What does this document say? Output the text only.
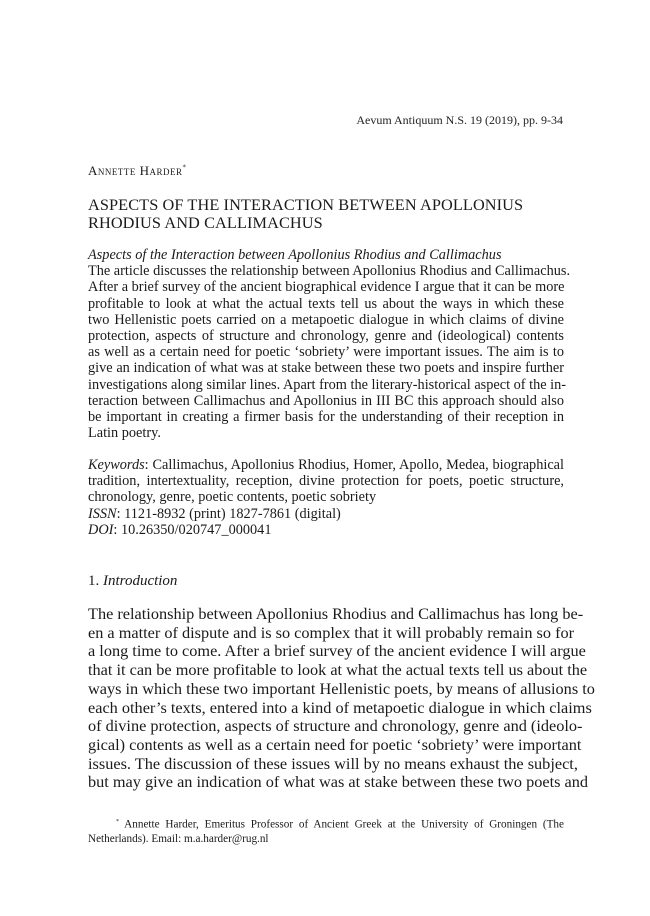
Aevum Antiquum N.S. 19 (2019), pp. 9-34
Annette Harder*
ASPECTS OF THE INTERACTION BETWEEN APOLLONIUS
RHODIUS AND CALLIMACHUS
Aspects of the Interaction between Apollonius Rhodius and Callimachus
The article discusses the relationship between Apollonius Rhodius and Callimachus.
After a brief survey of the ancient biographical evidence I argue that it can be more
profitable to look at what the actual texts tell us about the ways in which these
two Hellenistic poets carried on a metapoetic dialogue in which claims of divine
protection, aspects of structure and chronology, genre and (ideological) contents
as well as a certain need for poetic ‘sobriety’ were important issues. The aim is to
give an indication of what was at stake between these two poets and inspire further
investigations along similar lines. Apart from the literary-historical aspect of the in-
teraction between Callimachus and Apollonius in III BC this approach should also
be important in creating a firmer basis for the understanding of their reception in
Latin poetry.
Keywords: Callimachus, Apollonius Rhodius, Homer, Apollo, Medea, biographical
tradition, intertextuality, reception, divine protection for poets, poetic structure,
chronology, genre, poetic contents, poetic sobriety
ISSN: 1121-8932 (print) 1827-7861 (digital)
DOI: 10.26350/020747_000041
1. Introduction
The relationship between Apollonius Rhodius and Callimachus has long be-
en a matter of dispute and is so complex that it will probably remain so for
a long time to come. After a brief survey of the ancient evidence I will argue
that it can be more profitable to look at what the actual texts tell us about the
ways in which these two important Hellenistic poets, by means of allusions to
each other’s texts, entered into a kind of metapoetic dialogue in which claims
of divine protection, aspects of structure and chronology, genre and (ideolo-
gical) contents as well as a certain need for poetic ‘sobriety’ were important
issues. The discussion of these issues will by no means exhaust the subject,
but may give an indication of what was at stake between these two poets and
* Annette Harder, Emeritus Professor of Ancient Greek at the University of Groningen (The
Netherlands). Email: m.a.harder@rug.nl
